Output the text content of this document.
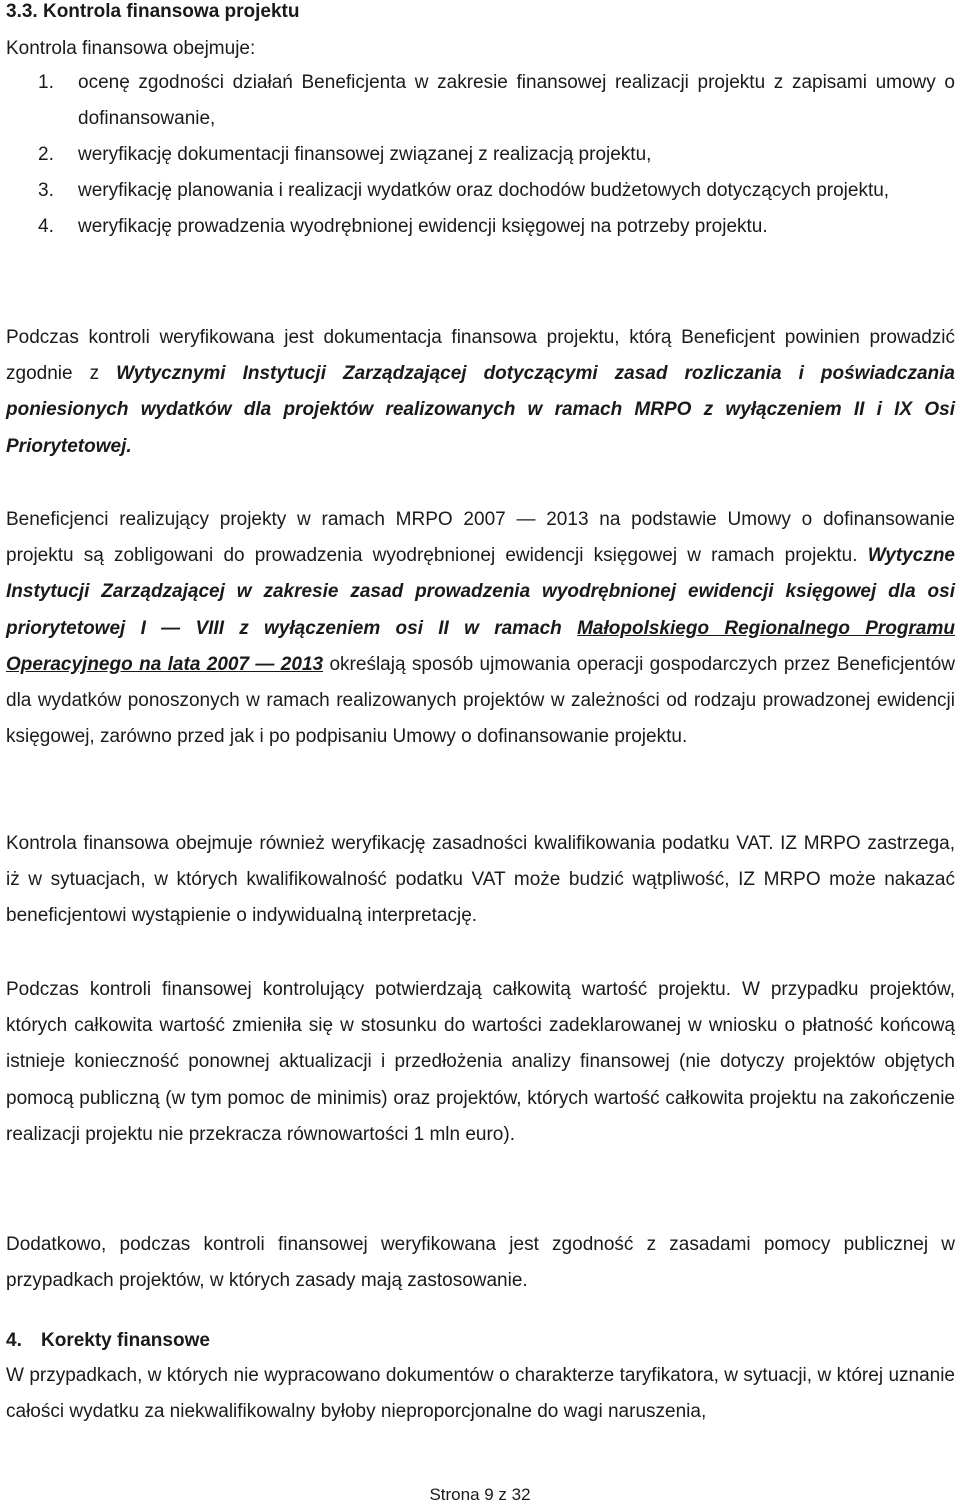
3.3. Kontrola finansowa projektu
Kontrola finansowa obejmuje:
1. ocenę zgodności działań Beneficjenta w zakresie finansowej realizacji projektu z zapisami umowy o dofinansowanie,
2. weryfikację dokumentacji finansowej związanej z realizacją projektu,
3. weryfikację planowania i realizacji wydatków oraz dochodów budżetowych dotyczących projektu,
4. weryfikację prowadzenia wyodrębnionej ewidencji księgowej na potrzeby projektu.

Podczas kontroli weryfikowana jest dokumentacja finansowa projektu, którą Beneficjent powinien prowadzić zgodnie z Wytycznymi Instytucji Zarządzającej dotyczącymi zasad rozliczania i poświadczania poniesionych wydatków dla projektów realizowanych w ramach MRPO z wyłączeniem II i IX Osi Priorytetowej.

Beneficjenci realizujący projekty w ramach MRPO 2007 — 2013 na podstawie Umowy o dofinansowanie projektu są zobligowani do prowadzenia wyodrębnionej ewidencji księgowej w ramach projektu. Wytyczne Instytucji Zarządzającej w zakresie zasad prowadzenia wyodrębnionej ewidencji księgowej dla osi priorytetowej I — VIII z wyłączeniem osi II w ramach Małopolskiego Regionalnego Programu Operacyjnego na lata 2007 — 2013 określają sposób ujmowania operacji gospodarczych przez Beneficjentów dla wydatków ponoszonych w ramach realizowanych projektów w zależności od rodzaju prowadzonej ewidencji księgowej, zarówno przed jak i po podpisaniu Umowy o dofinansowanie projektu.

Kontrola finansowa obejmuje również weryfikację zasadności kwalifikowania podatku VAT. IZ MRPO zastrzega, iż w sytuacjach, w których kwalifikowalność podatku VAT może budzić wątpliwość, IZ MRPO może nakazać beneficjentowi wystąpienie o indywidualną interpretację.

Podczas kontroli finansowej kontrolujący potwierdzają całkowitą wartość projektu. W przypadku projektów, których całkowita wartość zmieniła się w stosunku do wartości zadeklarowanej w wniosku o płatność końcową istnieje konieczność ponownej aktualizacji i przedłożenia analizy finansowej (nie dotyczy projektów objętych pomocą publiczną (w tym pomoc de minimis) oraz projektów, których wartość całkowita projektu na zakończenie realizacji projektu nie przekracza równowartości 1 mln euro).

Dodatkowo, podczas kontroli finansowej weryfikowana jest zgodność z zasadami pomocy publicznej w przypadkach projektów, w których zasady mają zastosowanie.

4. Korekty finansowe

W przypadkach, w których nie wypracowano dokumentów o charakterze taryfikatora, w sytuacji, w której uznanie całości wydatku za niekwalifikowalny byłoby nieproporcjonalne do wagi naruszenia,

Strona 9 z 32
